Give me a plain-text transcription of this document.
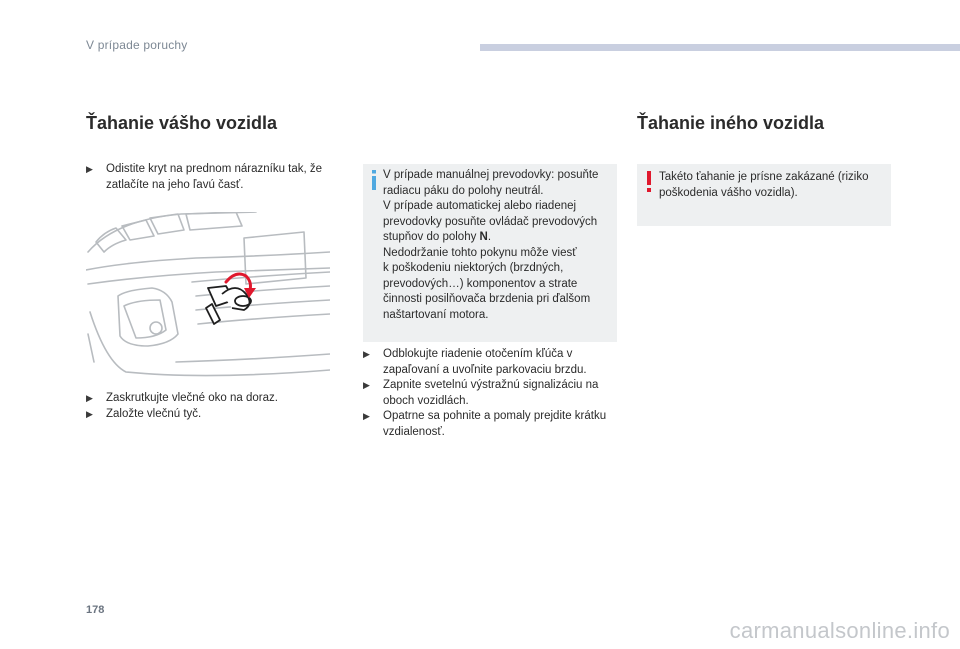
V prípade poruchy
Ťahanie vášho vozidla	Ťahanie iného vozidla
▶ Odistite kryt na prednom nárazníku tak, že zatlačíte na jeho ľavú časť.
▶ Zaskrutkujte vlečné oko na doraz.
▶ Založte vlečnú tyč.

V prípade manuálnej prevodovky: posuňte

radiacu páku do polohy neutrál.

V prípade automatickej alebo riadenej

prevodovky posuňte ovládač prevodových

stupňov do polohy N.

Nedodržanie tohto pokynu môže viesť

k poškodeniu niektorých (brzdných,

prevodových…) komponentov a strate

činnosti posilňovača brzdenia pri ďalšom

naštartovaní motora.

▶ Odblokujte riadenie otočením kľúča v zapaľovaní a uvoľnite parkovaciu brzdu.
▶ Zapnite svetelnú výstražnú signalizáciu na oboch vozidlách.
▶ Opatrne sa pohnite a pomaly prejdite krátku vzdialenosť.
Takéto ťahanie je prísne zakázané (riziko poškodenia vášho vozidla).
178
carmanualsonline.info
